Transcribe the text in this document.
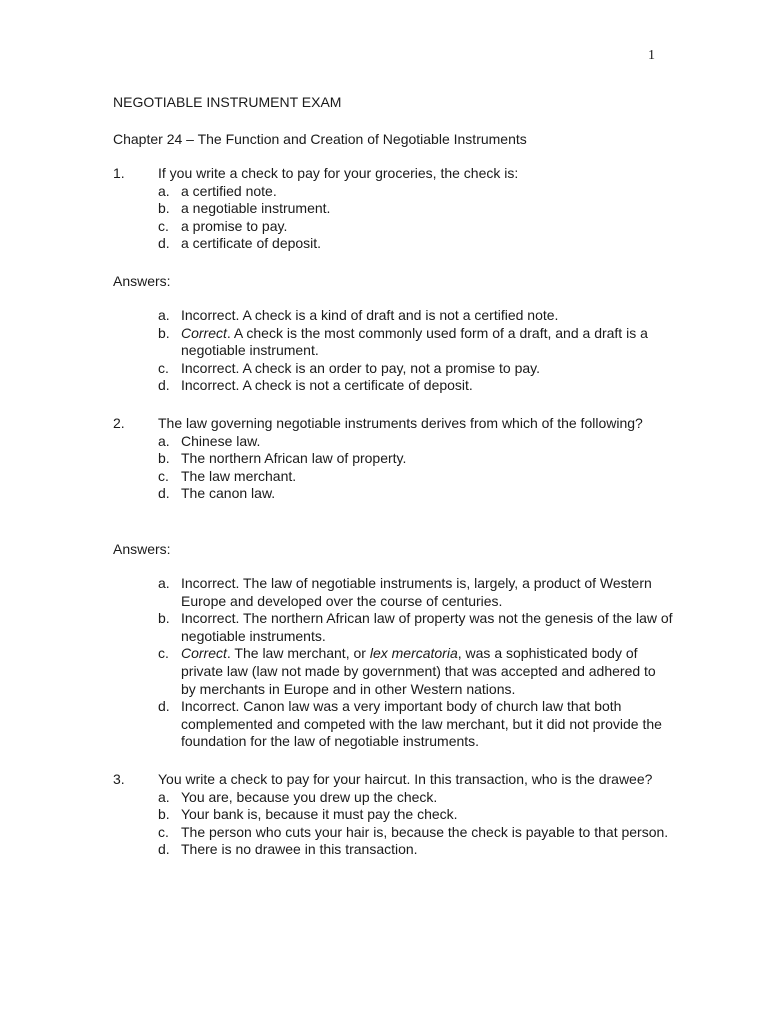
1
NEGOTIABLE INSTRUMENT EXAM
Chapter 24 – The Function and Creation of Negotiable Instruments
1.	If you write a check to pay for your groceries, the check is:
a. a certified note.
b. a negotiable instrument.
c. a promise to pay.
d. a certificate of deposit.
Answers:
a. Incorrect. A check is a kind of draft and is not a certified note.
b. Correct. A check is the most commonly used form of a draft, and a draft is a negotiable instrument.
c. Incorrect. A check is an order to pay, not a promise to pay.
d. Incorrect. A check is not a certificate of deposit.
2.	The law governing negotiable instruments derives from which of the following?
a. Chinese law.
b. The northern African law of property.
c. The law merchant.
d. The canon law.
Answers:
a. Incorrect. The law of negotiable instruments is, largely, a product of Western Europe and developed over the course of centuries.
b. Incorrect. The northern African law of property was not the genesis of the law of negotiable instruments.
c. Correct. The law merchant, or lex mercatoria, was a sophisticated body of private law (law not made by government) that was accepted and adhered to by merchants in Europe and in other Western nations.
d. Incorrect. Canon law was a very important body of church law that both complemented and competed with the law merchant, but it did not provide the foundation for the law of negotiable instruments.
3.	You write a check to pay for your haircut. In this transaction, who is the drawee?
a. You are, because you drew up the check.
b. Your bank is, because it must pay the check.
c. The person who cuts your hair is, because the check is payable to that person.
d. There is no drawee in this transaction.
